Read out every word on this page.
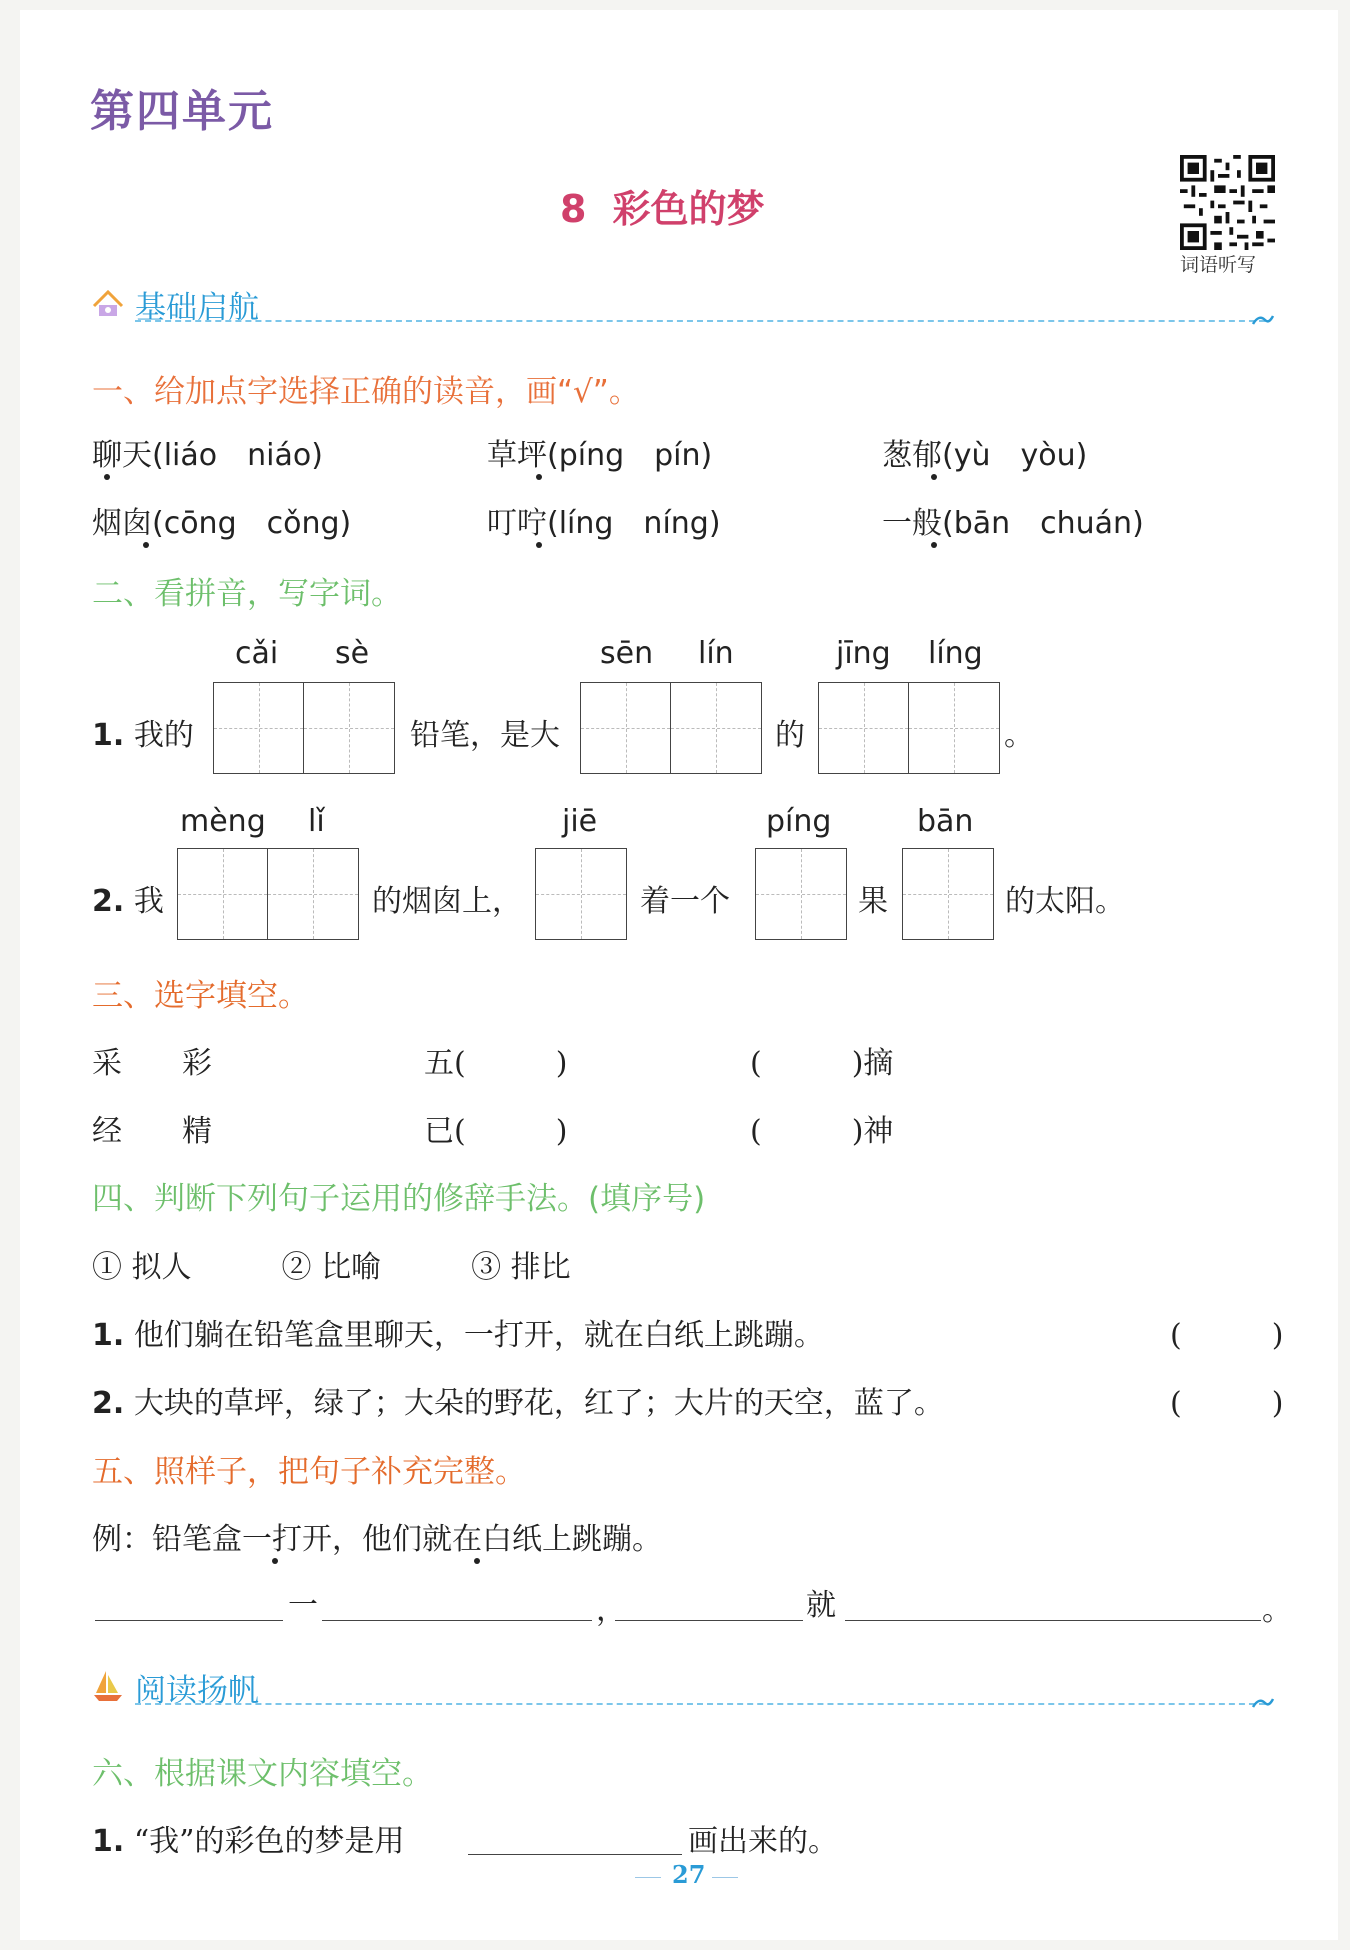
第四单元
8 彩色的梦
词语听写
基础启航
一、给加点字选择正确的读音，画“√”。
聊天(liáo　niáo)	草坪(píng　pín)	葱郁(yù　yòu)
烟囱(cōng　cǒng)	叮咛(líng　níng)	一般(bān　chuán)
二、看拼音，写字词。
cǎi sè	sēn lín	jīng líng
1. 我的	铅笔，是大	的	。
mèng lǐ	jiē	píng	bān
2. 我	的烟囱上，	着一个	果	的太阳。
三、选字填空。
采　　彩	五(　　　)	(　　　)摘
经　　精	已(　　　)	(　　　)神
四、判断下列句子运用的修辞手法。(填序号)
① 拟人　　　② 比喻　　　③ 排比
1. 他们躺在铅笔盒里聊天，一打开，就在白纸上跳蹦。	(　　　)
2. 大块的草坪，绿了；大朵的野花，红了；大片的天空，蓝了。	(　　　)
五、照样子，把句子补充完整。
例：铅笔盒一打开，他们就在白纸上跳蹦。
一	，	就	。
阅读扬帆
六、根据课文内容填空。
1. “我”的彩色的梦是用	画出来的。
27
